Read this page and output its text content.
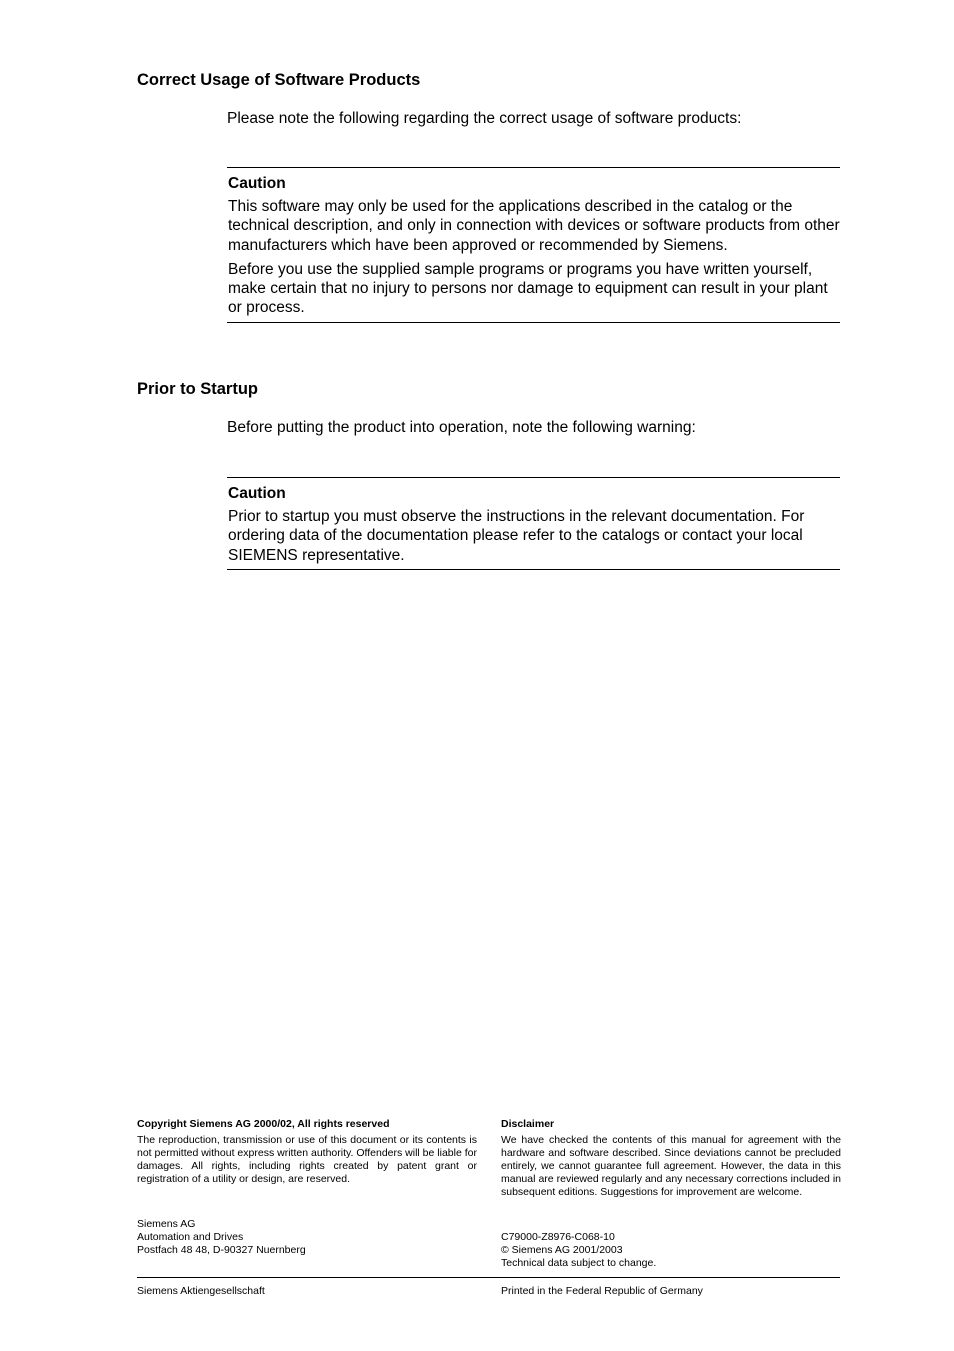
Correct Usage of Software Products

Please note the following regarding the correct usage of software products:

Caution

This software may only be used for the applications described in the catalog or the technical description, and only in connection with devices or software products from other manufacturers which have been approved or recommended by Siemens.

Before you use the supplied sample programs or programs you have written yourself, make certain that no injury to persons nor damage to equipment can result in your plant or process.

Prior to Startup

Before putting the product into operation, note the following warning:

Caution

Prior to startup you must observe the instructions in the relevant documentation. For ordering data of the documentation please refer to the catalogs or contact your local SIEMENS representative.

Copyright Siemens AG 2000/02, All rights reserved

The reproduction, transmission or use of this document or its contents is not permitted without express written authority. Offenders will be liable for damages. All rights, including rights created by patent grant or registration of a utility or design, are reserved.

Siemens AG
Automation and Drives
Postfach 48 48, D-90327 Nuernberg

Disclaimer

We have checked the contents of this manual for agreement with the hardware and software described. Since deviations cannot be precluded entirely, we cannot guarantee full agreement. However, the data in this manual are reviewed regularly and any necessary corrections included in subsequent editions. Suggestions for improvement are welcome.

C79000-Z8976-C068-10
© Siemens AG 2001/2003
Technical data subject to change.

Siemens Aktiengesellschaft	Printed in the Federal Republic of Germany
